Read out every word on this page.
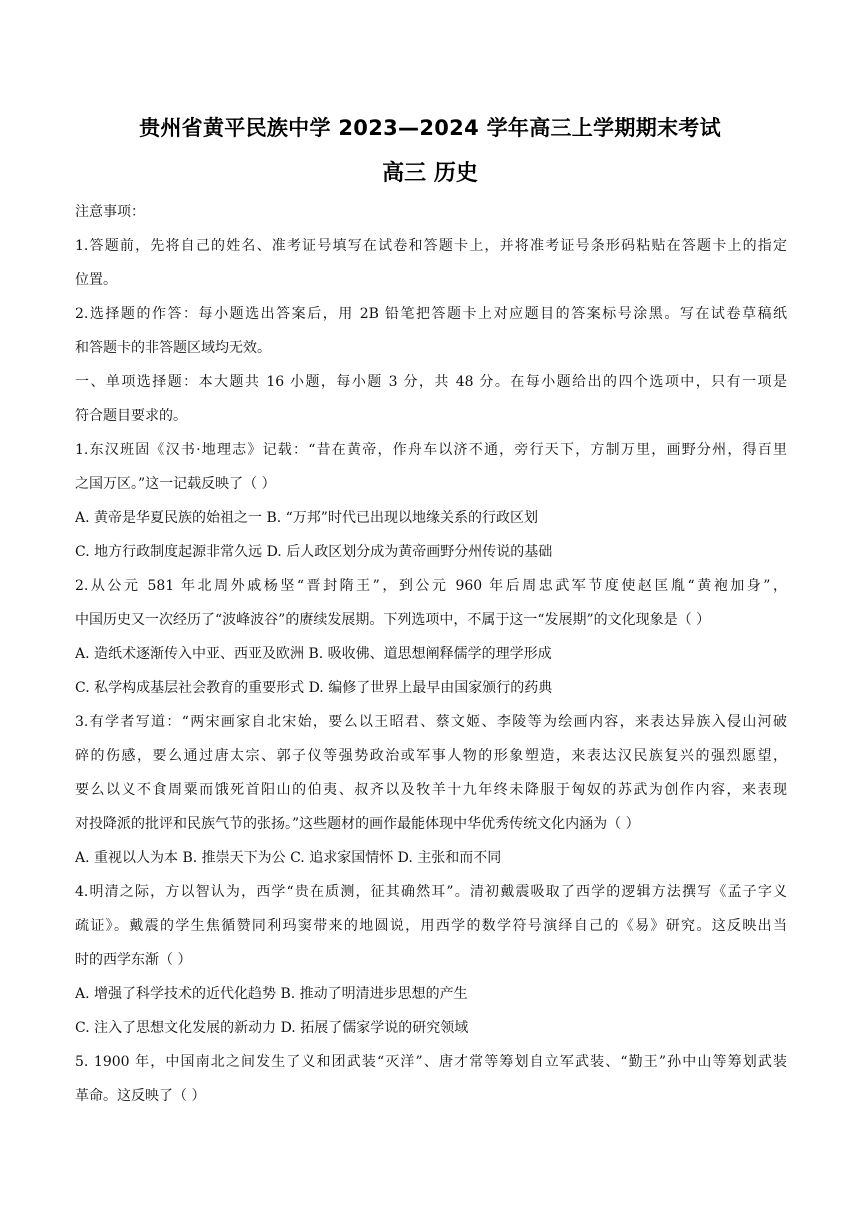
贵州省黄平民族中学 2023—2024 学年高三上学期期末考试
高三 历史
注意事项：
1.答题前，先将自己的姓名、准考证号填写在试卷和答题卡上，并将准考证号条形码粘贴在答题卡上的指定
位置。
2.选择题的作答：每小题选出答案后，用 2B 铅笔把答题卡上对应题目的答案标号涂黑。写在试卷草稿纸
和答题卡的非答题区域均无效。
一、单项选择题：本大题共 16 小题，每小题 3 分，共 48 分。在每小题给出的四个选项中，只有一项是
符合题目要求的。
1.东汉班固《汉书·地理志》记载：“昔在黄帝，作舟车以济不通，旁行天下，方制万里，画野分州，得百里
之国万区。”这一记载反映了（ ）
A. 黄帝是华夏民族的始祖之一 B. “万邦”时代已出现以地缘关系的行政区划
C. 地方行政制度起源非常久远 D. 后人政区划分成为黄帝画野分州传说的基础
2.从公元 581 年北周外戚杨坚“晋封隋王”，到公元 960 年后周忠武军节度使赵匡胤“黄袍加身”，
中国历史又一次经历了“波峰波谷”的赓续发展期。下列选项中，不属于这一“发展期”的文化现象是（ ）
A. 造纸术逐渐传入中亚、西亚及欧洲 B. 吸收佛、道思想阐释儒学的理学形成
C. 私学构成基层社会教育的重要形式 D. 编修了世界上最早由国家颁行的药典
3.有学者写道：“两宋画家自北宋始，要么以王昭君、蔡文姬、李陵等为绘画内容，来表达异族入侵山河破
碎的伤感，要么通过唐太宗、郭子仪等强势政治或军事人物的形象塑造，来表达汉民族复兴的强烈愿望，
要么以义不食周粟而饿死首阳山的伯夷、叔齐以及牧羊十九年终未降服于匈奴的苏武为创作内容，来表现
对投降派的批评和民族气节的张扬。”这些题材的画作最能体现中华优秀传统文化内涵为（ ）
A. 重视以人为本 B. 推崇天下为公 C. 追求家国情怀 D. 主张和而不同
4.明清之际，方以智认为，西学“贵在质测，征其确然耳”。清初戴震吸取了西学的逻辑方法撰写《孟子字义
疏证》。戴震的学生焦循赞同利玛窦带来的地圆说，用西学的数学符号演绎自己的《易》研究。这反映出当
时的西学东渐（ ）
A. 增强了科学技术的近代化趋势 B. 推动了明清进步思想的产生
C. 注入了思想文化发展的新动力 D. 拓展了儒家学说的研究领域
5. 1900 年，中国南北之间发生了义和团武装“灭洋”、唐才常等筹划自立军武装、“勤王”孙中山等筹划武装
革命。这反映了（ ）
